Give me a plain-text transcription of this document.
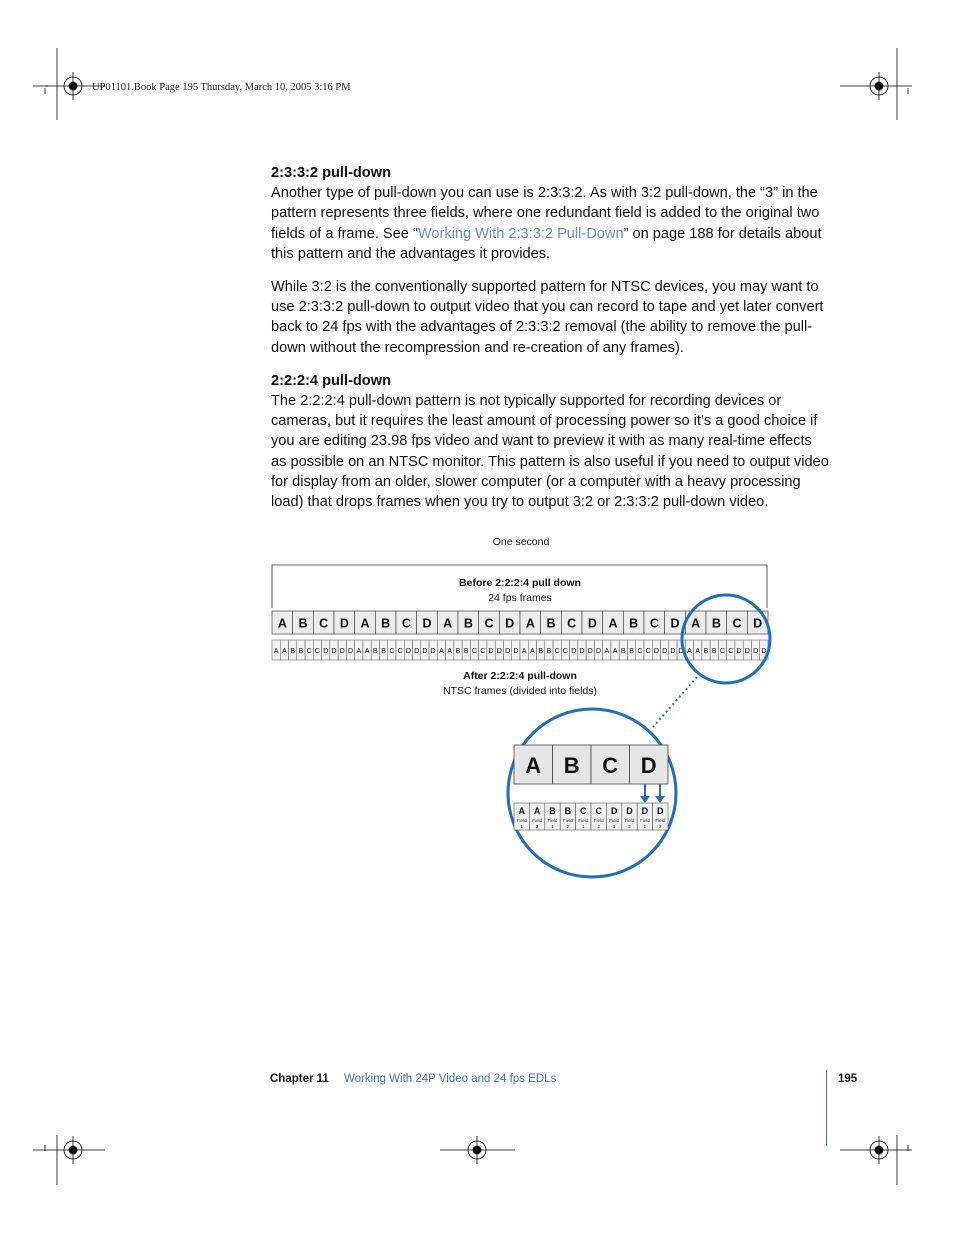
UP01101.Book Page 195 Thursday, March 10, 2005 3:16 PM
2:3:3:2 pull-down

Another type of pull-down you can use is 2:3:3:2. As with 3:2 pull-down, the “3” in the pattern represents three fields, where one redundant field is added to the original two fields of a frame. See “Working With 2:3:3:2 Pull-Down” on page 188 for details about this pattern and the advantages it provides.

While 3:2 is the conventionally supported pattern for NTSC devices, you may want to use 2:3:3:2 pull-down to output video that you can record to tape and yet later convert back to 24 fps with the advantages of 2:3:3:2 removal (the ability to remove the pull-down without the recompression and re-creation of any frames).

2:2:2:4 pull-down

The 2:2:2:4 pull-down pattern is not typically supported for recording devices or cameras, but it requires the least amount of processing power so it’s a good choice if you are editing 23.98 fps video and want to preview it with as many real-time effects as possible on an NTSC monitor. This pattern is also useful if you need to output video for display from an older, slower computer (or a computer with a heavy processing load) that drops frames when you try to output 3:2 or 2:3:3:2 pull-down video.

One second
Before 2:2:2:4 pull down
24 fps frames
After 2:2:2:4 pull-down
NTSC frames (divided into fields)
A B C D A B C D A B C D A B C D A B C D A B C D
A A B B C C D D D D A A B B C C D D D D A A B B C C D D D D A A B B C C D D D D A A B B C C D D D D A A B B C C D D D D
A B C D
A
Field
1
A
Field
2
B
Field
1
B
Field
2
C
Field
1
C
Field
2
D
Field
1
D
Field
2
D
Field
1
D
Field
2
Chapter 11 Working With 24P Video and 24 fps EDLs	195
